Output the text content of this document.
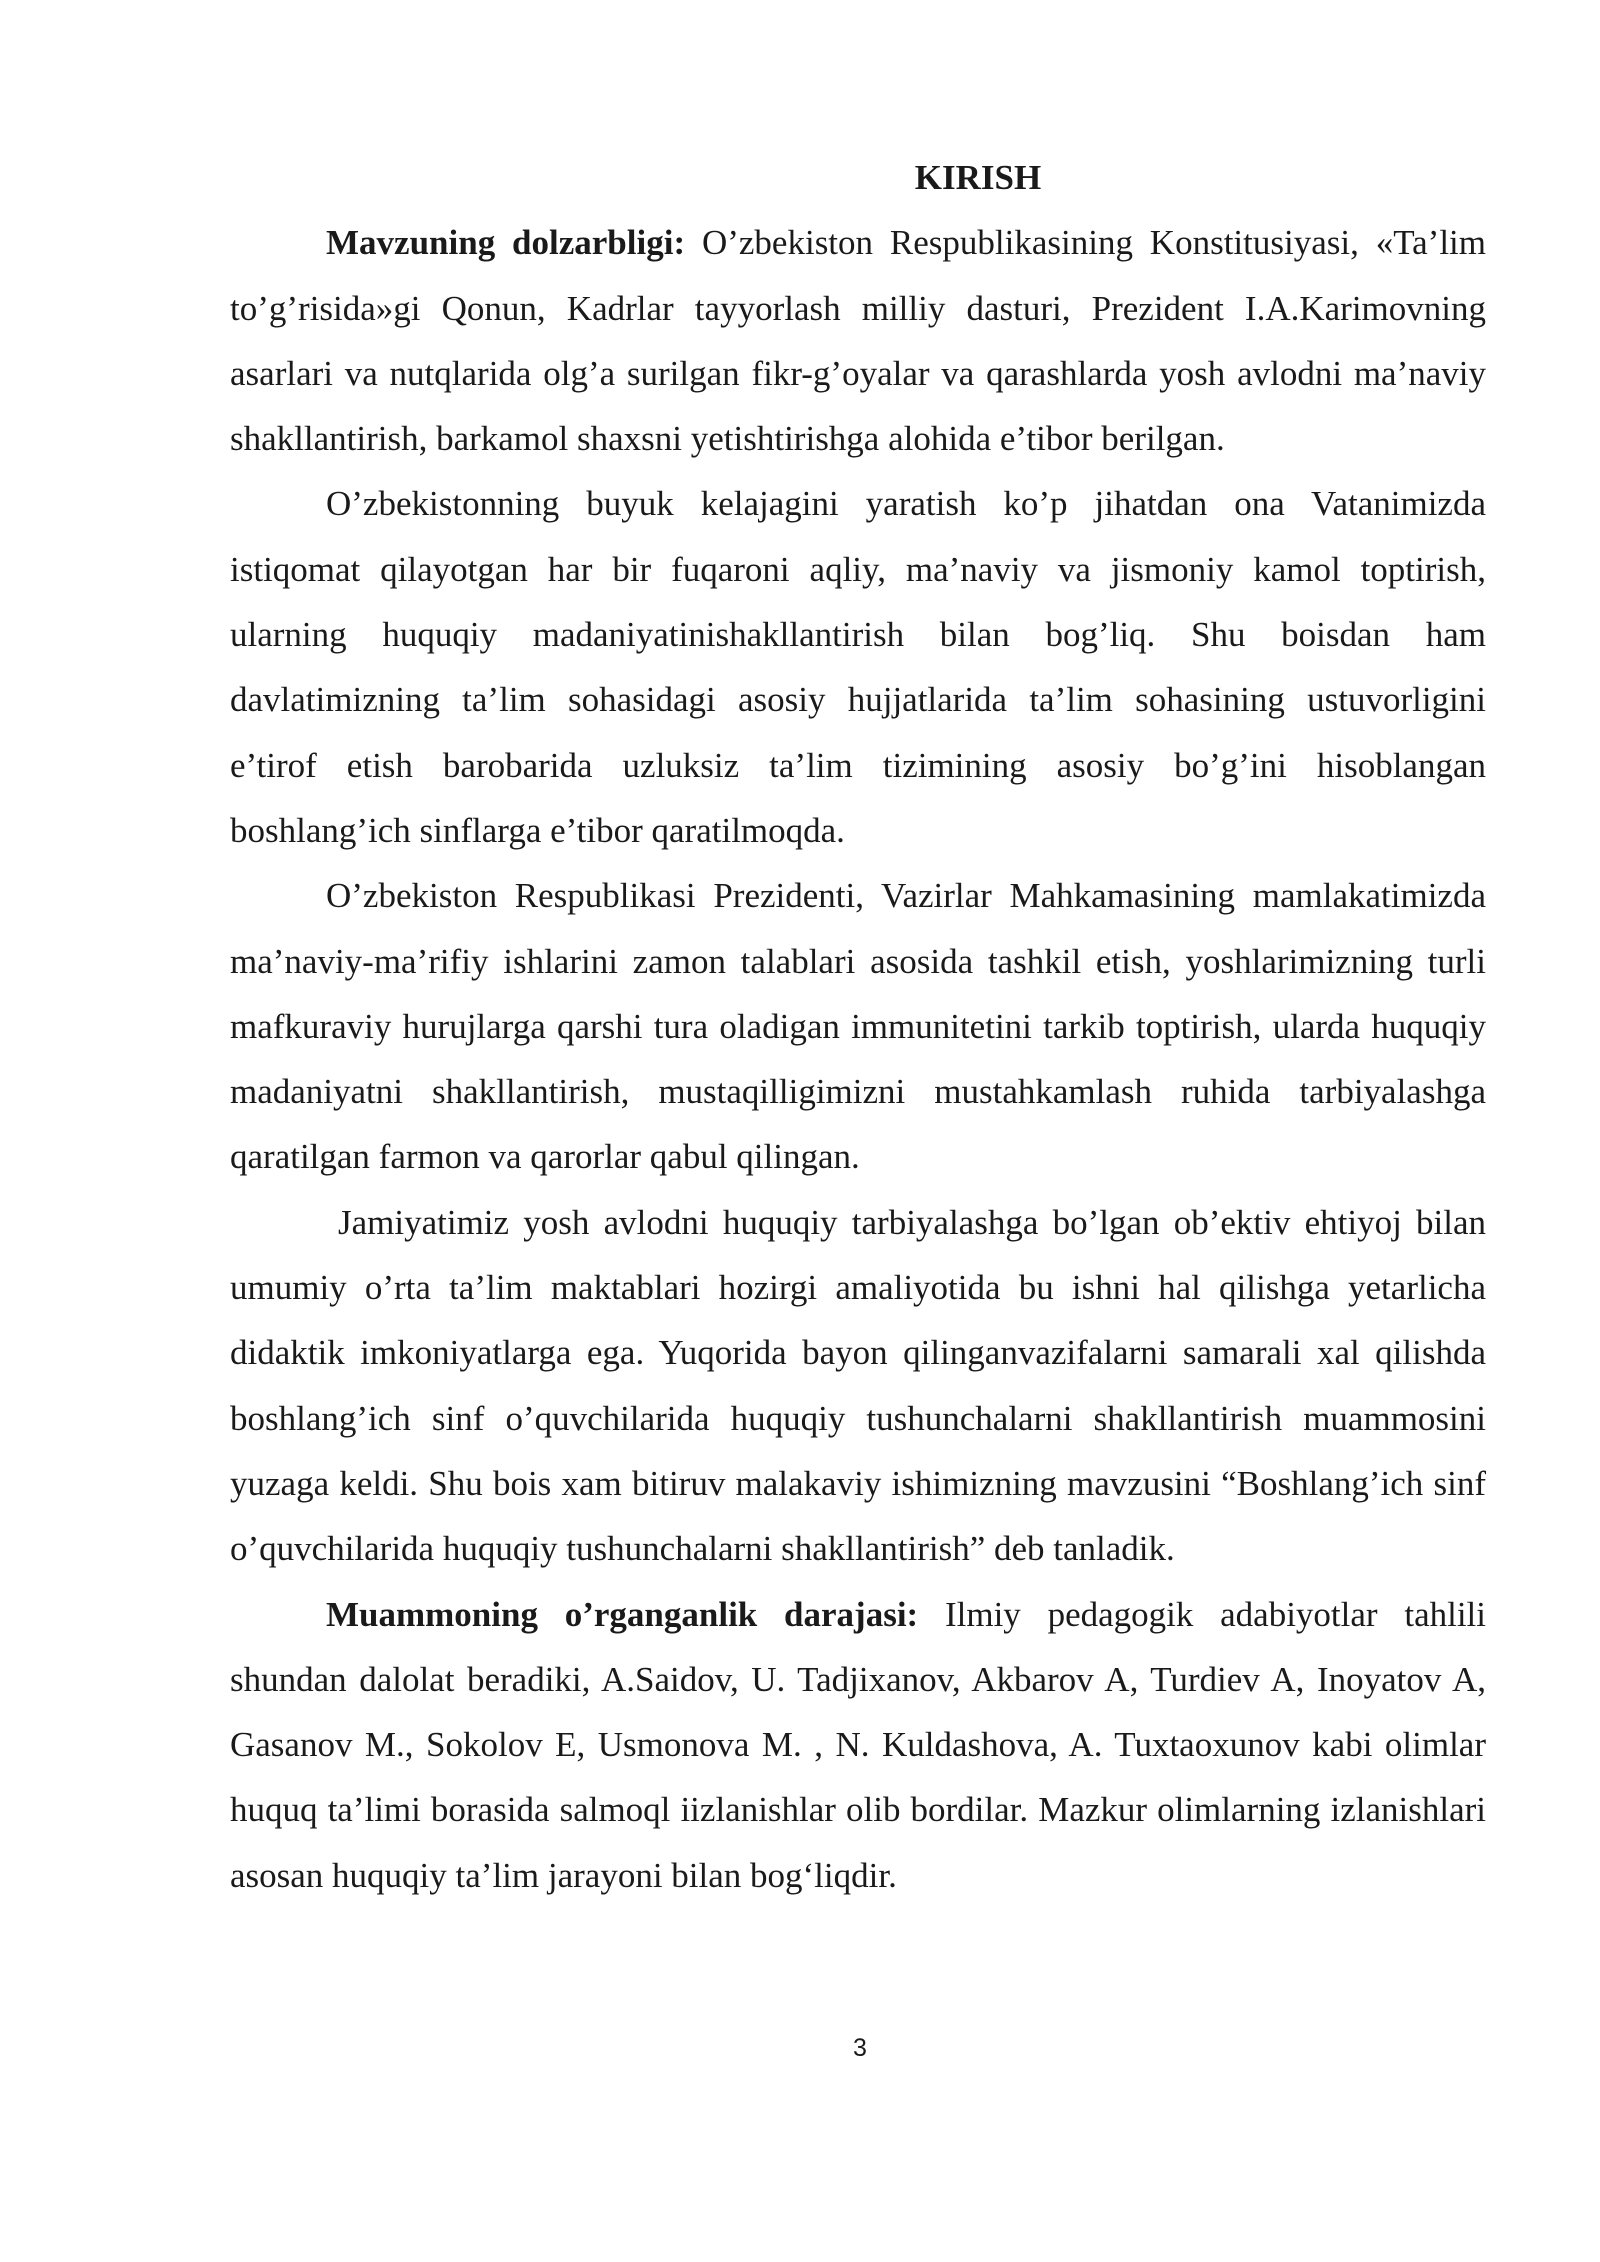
KIRISH

Mavzuning dolzarbligi: O’zbekiston Respublikasining Konstitusiyasi, «Ta’lim to’g’risida»gi Qonun, Kadrlar tayyorlash milliy dasturi, Prezident I.A.Karimovning asarlari va nutqlarida olg’a surilgan fikr-g’oyalar va qarashlarda yosh avlodni ma’naviy shakllantirish, barkamol shaxsni yetishtirishga alohida e’tibor berilgan.

O’zbekistonning buyuk kelajagini yaratish ko’p jihatdan ona Vatanimizda istiqomat qilayotgan har bir fuqaroni aqliy, ma’naviy va jismoniy kamol toptirish, ularning huquqiy madaniyatinishakllantirish bilan bog’liq. Shu boisdan ham davlatimizning ta’lim sohasidagi asosiy hujjatlarida ta’lim sohasining ustuvorligini e’tirof etish barobarida uzluksiz ta’lim tizimining asosiy bo’g’ini hisoblangan boshlang’ich sinflarga e’tibor qaratilmoqda.

O’zbekiston Respublikasi Prezidenti, Vazirlar Mahkamasining mamlakatimizda ma’naviy-ma’rifiy ishlarini zamon talablari asosida tashkil etish, yoshlarimizning turli mafkuraviy hurujlarga qarshi tura oladigan immunitetini tarkib toptirish, ularda huquqiy madaniyatni shakllantirish, mustaqilligimizni mustahkamlash ruhida tarbiyalashga qaratilgan farmon va qarorlar qabul qilingan.

Jamiyatimiz yosh avlodni huquqiy tarbiyalashga bo’lgan ob’ektiv ehtiyoj bilan umumiy o’rta ta’lim maktablari hozirgi amaliyotida bu ishni hal qilishga yetarlicha didaktik imkoniyatlarga ega. Yuqorida bayon qilinganvazifalarni samarali xal qilishda boshlang’ich sinf o’quvchilarida huquqiy tushunchalarni shakllantirish muammosini yuzaga keldi. Shu bois xam bitiruv malakaviy ishimizning mavzusini “Boshlang’ich sinf o’quvchilarida huquqiy tushunchalarni shakllantirish” deb tanladik.

Muammoning o’rganganlik darajasi: Ilmiy pedagogik adabiyotlar tahlili shundan dalolat beradiki, A.Saidov, U. Tadjixanov, Akbarov A, Turdiev A, Inoyatov A, Gasanov M., Sokolov E, Usmonova M. , N. Kuldashova, A. Tuxtaoxunov kabi olimlar huquq ta’limi borasida salmoql iizlanishlar olib bordilar. Mazkur olimlarning izlanishlari asosan huquqiy ta’lim jarayoni bilan bog‘liqdir.

3
